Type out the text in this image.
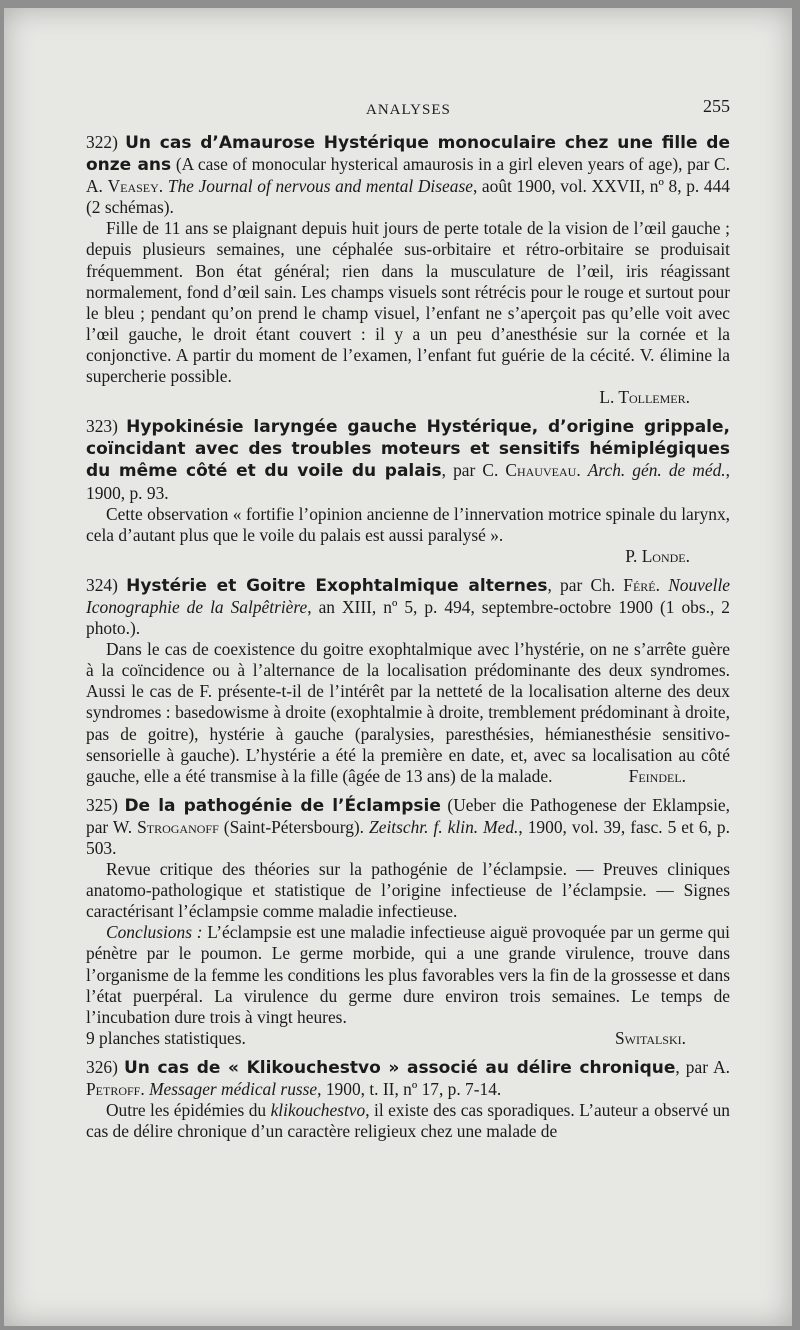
ANALYSES	255

322) Un cas d’Amaurose Hystérique monoculaire chez une fille de onze ans (A case of monocular hysterical amaurosis in a girl eleven years of age), par C. A. Veasey. The Journal of nervous and mental Disease, août 1900, vol. XXVII, nº 8, p. 444 (2 schémas).

Fille de 11 ans se plaignant depuis huit jours de perte totale de la vision de l’œil gauche ; depuis plusieurs semaines, une céphalée sus-orbitaire et rétro-orbitaire se produisait fréquemment. Bon état général; rien dans la musculature de l’œil, iris réagissant normalement, fond d’œil sain. Les champs visuels sont rétrécis pour le rouge et surtout pour le bleu ; pendant qu’on prend le champ visuel, l’enfant ne s’aperçoit pas qu’elle voit avec l’œil gauche, le droit étant couvert : il y a un peu d’anesthésie sur la cornée et la conjonctive. A partir du moment de l’examen, l’enfant fut guérie de la cécité. V. élimine la supercherie possible.

L. Tollemer.

323) Hypokinésie laryngée gauche Hystérique, d’origine grippale, coïncidant avec des troubles moteurs et sensitifs hémiplégiques du même côté et du voile du palais, par C. Chauveau. Arch. gén. de méd., 1900, p. 93.

Cette observation « fortifie l’opinion ancienne de l’innervation motrice spinale du larynx, cela d’autant plus que le voile du palais est aussi paralysé ».

P. Londe.

324) Hystérie et Goitre Exophtalmique alternes, par Ch. Féré. Nouvelle Iconographie de la Salpêtrière, an XIII, nº 5, p. 494, septembre-octobre 1900 (1 obs., 2 photo.).

Dans le cas de coexistence du goitre exophtalmique avec l’hystérie, on ne s’arrête guère à la coïncidence ou à l’alternance de la localisation prédominante des deux syndromes. Aussi le cas de F. présente-t-il de l’intérêt par la netteté de la localisation alterne des deux syndromes : basedowisme à droite (exophtalmie à droite, tremblement prédominant à droite, pas de goitre), hystérie à gauche (paralysies, paresthésies, hémianesthésie sensitivo-sensorielle à gauche). L’hystérie a été la première en date, et, avec sa localisation au côté gauche, elle a été transmise à la fille (âgée de 13 ans) de la malade.	Feindel.

325) De la pathogénie de l’Éclampsie (Ueber die Pathogenese der Eklampsie, par W. Stroganoff (Saint-Pétersbourg). Zeitschr. f. klin. Med., 1900, vol. 39, fasc. 5 et 6, p. 503.

Revue critique des théories sur la pathogénie de l’éclampsie. — Preuves cliniques anatomo-pathologique et statistique de l’origine infectieuse de l’éclampsie. — Signes caractérisant l’éclampsie comme maladie infectieuse.

Conclusions : L’éclampsie est une maladie infectieuse aiguë provoquée par un germe qui pénètre par le poumon. Le germe morbide, qui a une grande virulence, trouve dans l’organisme de la femme les conditions les plus favorables vers la fin de la grossesse et dans l’état puerpéral. La virulence du germe dure environ trois semaines. Le temps de l’incubation dure trois à vingt heures.

9 planches statistiques.	Switalski.

326) Un cas de « Klikouchestvo » associé au délire chronique, par A. Petroff. Messager médical russe, 1900, t. II, nº 17, p. 7-14.

Outre les épidémies du klikouchestvo, il existe des cas sporadiques. L’auteur a observé un cas de délire chronique d’un caractère religieux chez une malade de
